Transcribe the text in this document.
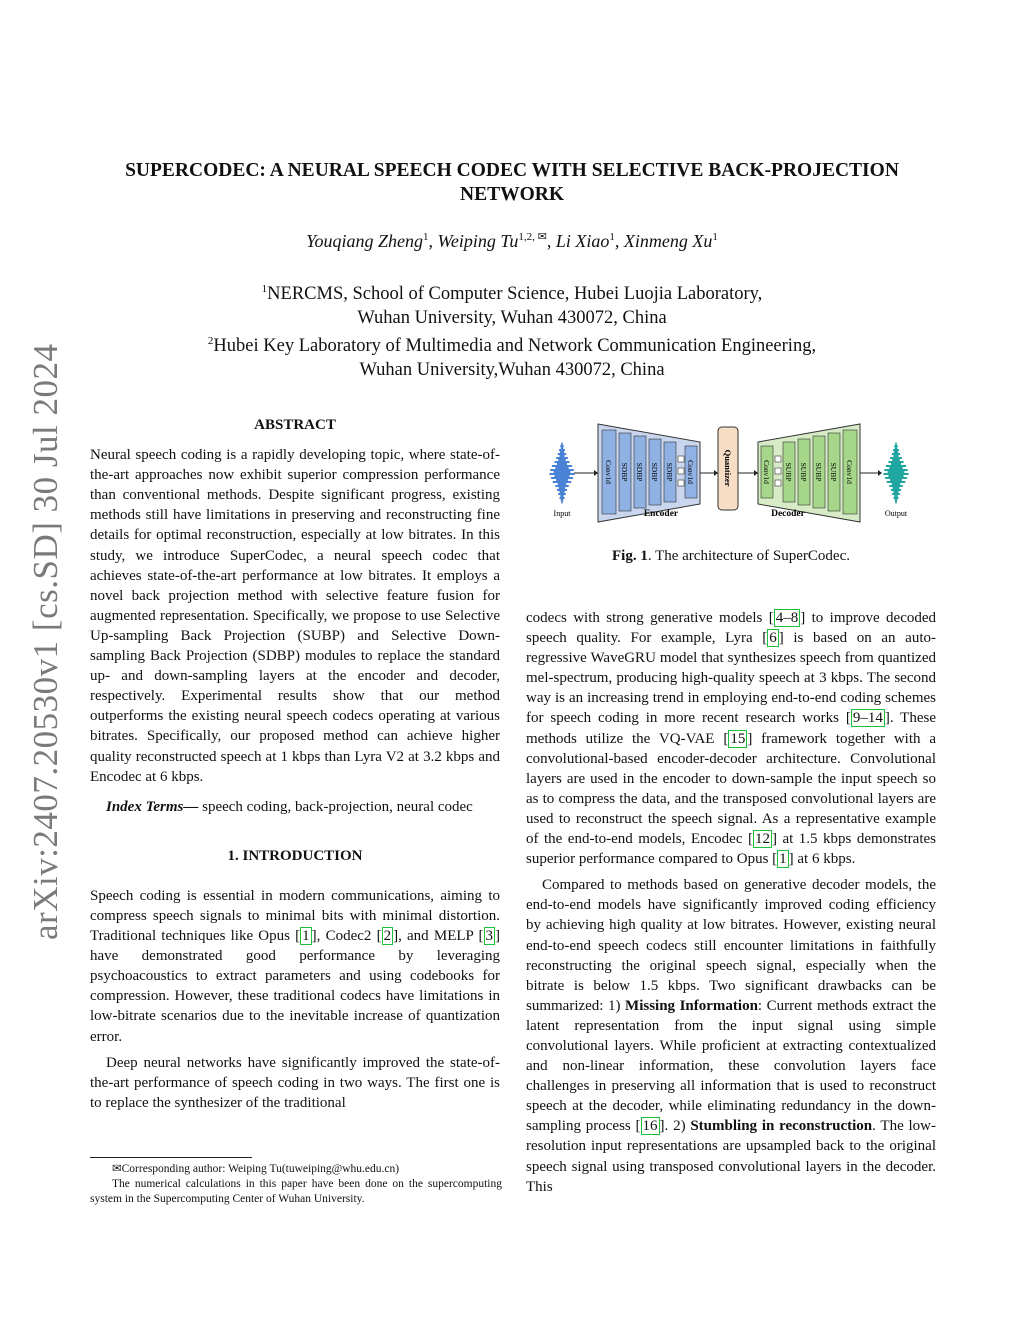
arXiv:2407.20530v1 [cs.SD] 30 Jul 2024
SUPERCODEC: A NEURAL SPEECH CODEC WITH SELECTIVE BACK-PROJECTION
NETWORK
Youqiang Zheng$^1$, Weiping $Tu^{1,2, ✉}$, Li Xiao$^1$, Xinmeng Xu$^1$
$^1$NERCMS, School of Computer Science, Hubei Luojia Laboratory,
Wuhan University, Wuhan 430072, China
$^2$Hubei Key Laboratory of Multimedia and Network Communication Engineering,
Wuhan University,Wuhan 430072, China

ABSTRACT

Neural speech coding is a rapidly developing topic, where state-of-the-art approaches now exhibit superior compression performance than conventional methods. Despite significant progress, existing methods still have limitations in preserving and reconstructing fine details for optimal reconstruction, especially at low bitrates. In this study, we introduce SuperCodec, a neural speech codec that achieves state-of-the-art performance at low bitrates. It employs a novel back projection method with selective feature fusion for augmented representation. Specifically, we propose to use Selective Up-sampling Back Projection (SUBP) and Selective Down-sampling Back Projection (SDBP) modules to replace the standard up- and down-sampling layers at the encoder and decoder, respectively. Experimental results show that our method outperforms the existing neural speech codecs operating at various bitrates. Specifically, our proposed method can achieve higher quality reconstructed speech at 1 kbps than Lyra V2 at 3.2 kbps and Encodec at 6 kbps.

Index Terms— speech coding, back-projection, neural codec

1. INTRODUCTION

Speech coding is essential in modern communications, aiming to compress speech signals to minimal bits with minimal distortion. Traditional techniques like Opus [ 1 ], Codec2 [ 2 ], and MELP [ 3 ] have demonstrated good performance by leveraging psychoacoustics to extract parameters and using codebooks for compression. However, these traditional codecs have limitations in low-bitrate scenarios due to the inevitable increase of quantization error.

Deep neural networks have significantly improved the state-of-the-art performance of speech coding in two ways. The first one is to replace the synthesizer of the traditional

✉Corresponding author: Weiping Tu(tuweiping@whu.edu.cn)

The numerical calculations in this paper have been done on the supercomputing system in the Supercomputing Center of Wuhan University.

Input
Conv1d SDBP SDBP SDBP SDBP Conv1d
Encoder
Quantizer	Conv1d SUBP SUBP SUBP SUBP Conv1d
Decoder	Output
Fig. 1. The architecture of SuperCodec.

codecs with strong generative models [ 4–8 ] to improve decoded speech quality. For example, Lyra [ 6 ] is based on an auto-regressive WaveGRU model that synthesizes speech from quantized mel-spectrum, producing high-quality speech at 3 kbps. The second way is an increasing trend in employing end-to-end coding schemes for speech coding in more recent research works [ 9–14 ]. These methods utilize the VQ-VAE [ 15 ] framework together with a convolutional-based encoder-decoder architecture. Convolutional layers are used in the encoder to down-sample the input speech so as to compress the data, and the transposed convolutional layers are used to reconstruct the speech signal. As a representative example of the end-to-end models, Encodec [ 12 ] at 1.5 kbps demonstrates superior performance compared to Opus [ 1 ] at 6 kbps.

Compared to methods based on generative decoder models, the end-to-end models have significantly improved coding efficiency by achieving high quality at low bitrates. However, existing neural end-to-end speech codecs still encounter limitations in faithfully reconstructing the original speech signal, especially when the bitrate is below 1.5 kbps. Two significant drawbacks can be summarized: 1) Missing Information: Current methods extract the latent representation from the input signal using simple convolutional layers. While proficient at extracting contextualized and non-linear information, these convolution layers face challenges in preserving all information that is used to reconstruct speech at the decoder, while eliminating redundancy in the down-sampling process [ 16 ]. 2) Stumbling in reconstruction. The low-resolution input representations are upsampled back to the original speech signal using transposed convolutional layers in the decoder. This
